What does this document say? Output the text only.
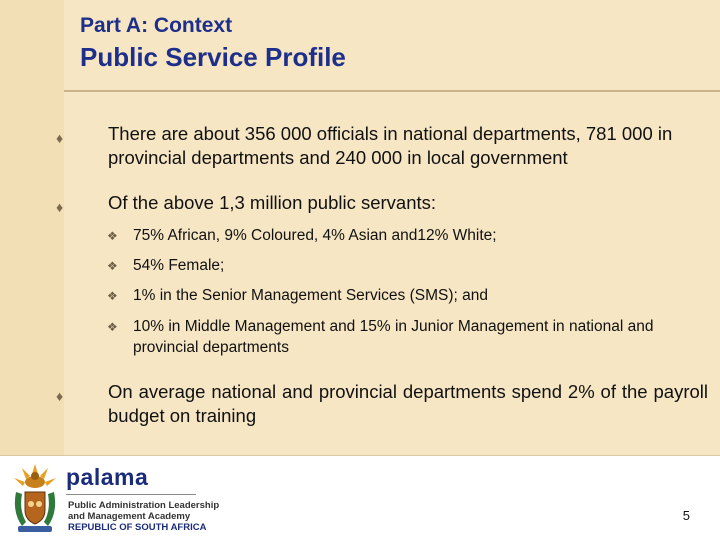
Part A: Context
Public Service Profile
♦ There are about 356 000 officials in national departments, 781 000 in provincial departments and 240 000 in local government
♦ Of the above 1,3 million public servants:
❖ 75% African, 9% Coloured, 4% Asian and12% White;
❖ 54% Female;
❖ 1% in the Senior Management Services (SMS); and
❖ 10% in Middle Management and 15% in Junior Management in national and provincial departments
♦ On average national and provincial departments spend 2% of the payroll budget on training
palama
Public Administration Leadership
and Management Academy
REPUBLIC OF SOUTH AFRICA
5
